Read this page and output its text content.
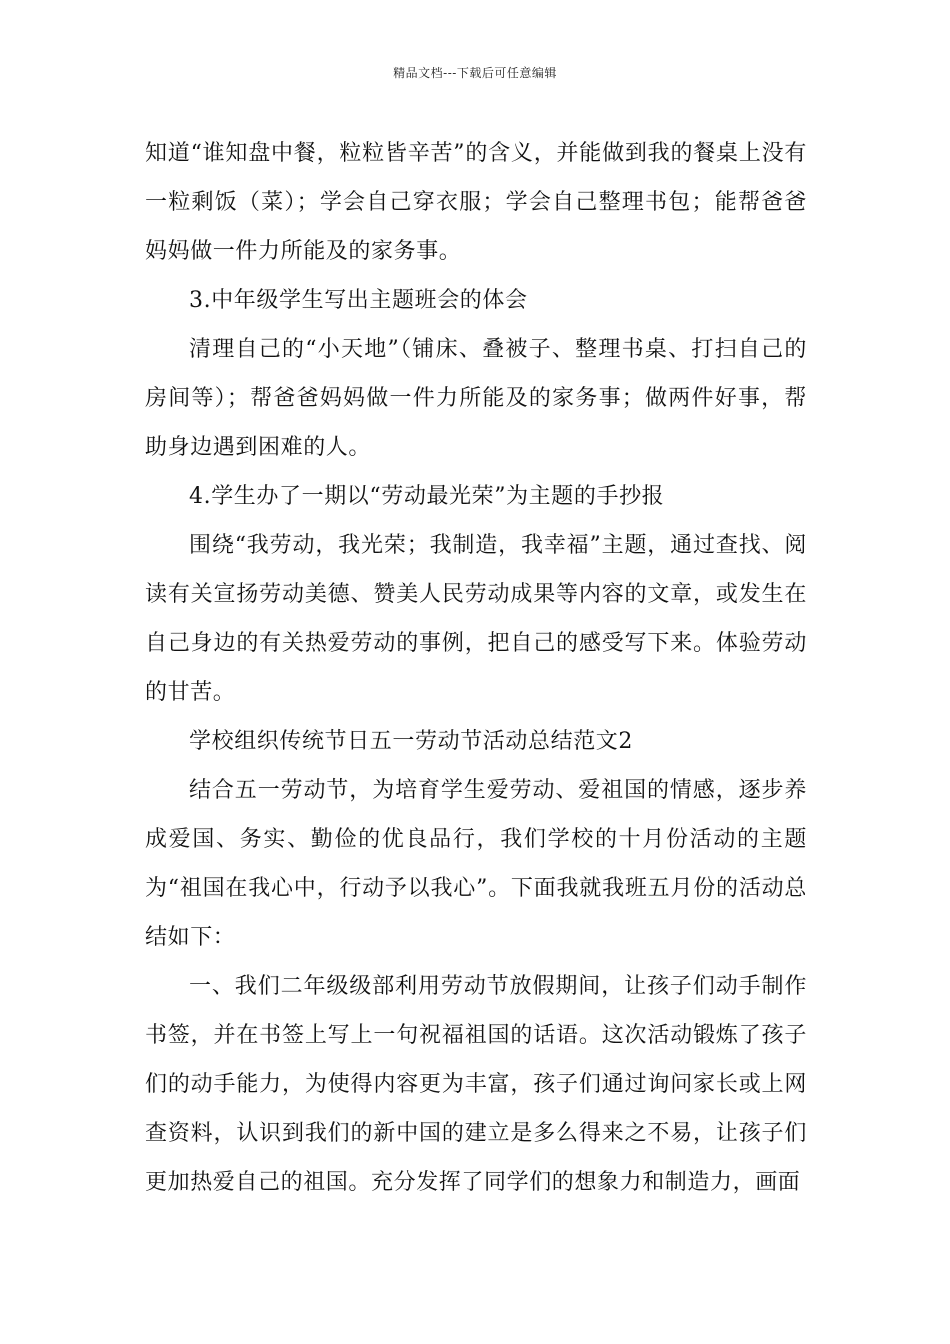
精品文档---下载后可任意编辑

知道“谁知盘中餐，粒粒皆辛苦”的含义，并能做到我的餐桌上没有一粒剩饭（菜）；学会自己穿衣服；学会自己整理书包；能帮爸爸妈妈做一件力所能及的家务事。

3.中年级学生写出主题班会的体会

清理自己的“小天地”（铺床、叠被子、整理书桌、打扫自己的房间等）；帮爸爸妈妈做一件力所能及的家务事；做两件好事，帮助身边遇到困难的人。

4.学生办了一期以“劳动最光荣”为主题的手抄报

围绕“我劳动，我光荣；我制造，我幸福”主题，通过查找、阅读有关宣扬劳动美德、赞美人民劳动成果等内容的文章，或发生在自己身边的有关热爱劳动的事例，把自己的感受写下来。体验劳动的甘苦。

学校组织传统节日五一劳动节活动总结范文2

结合五一劳动节，为培育学生爱劳动、爱祖国的情感，逐步养成爱国、务实、勤俭的优良品行，我们学校的十月份活动的主题为“祖国在我心中，行动予以我心”。下面我就我班五月份的活动总结如下：

一、我们二年级级部利用劳动节放假期间，让孩子们动手制作书签，并在书签上写上一句祝福祖国的话语。这次活动锻炼了孩子们的动手能力，为使得内容更为丰富，孩子们通过询问家长或上网查资料，认识到我们的新中国的建立是多么得来之不易，让孩子们更加热爱自己的祖国。充分发挥了同学们的想象力和制造力，画面
